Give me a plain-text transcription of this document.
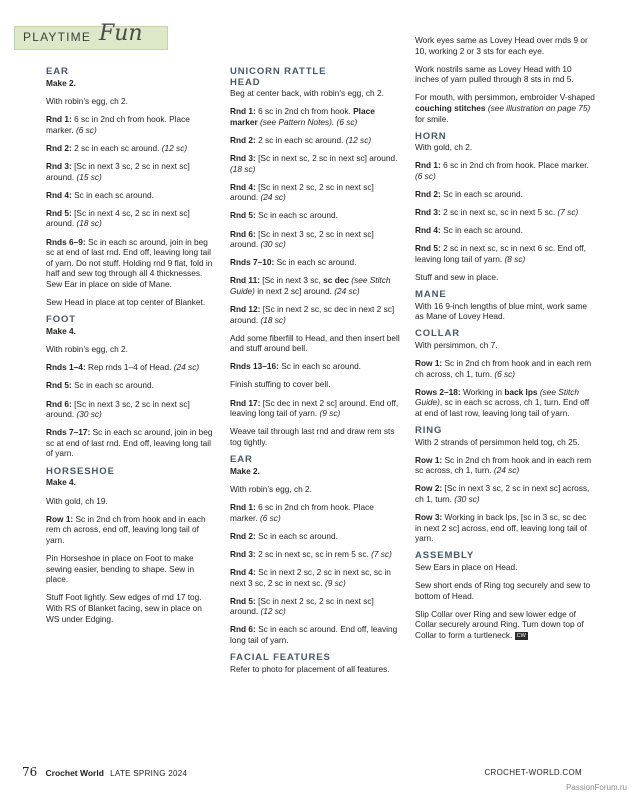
PLAYTIME Fun
EAR
Make 2.
With robin’s egg, ch 2.
Rnd 1: 6 sc in 2nd ch from hook. Place marker. (6 sc)
Rnd 2: 2 sc in each sc around. (12 sc)
Rnd 3: [Sc in next 3 sc, 2 sc in next sc] around. (15 sc)
Rnd 4: Sc in each sc around.
Rnd 5: [Sc in next 4 sc, 2 sc in next sc] around. (18 sc)
Rnds 6–9: Sc in each sc around, join in beg sc at end of last rnd. End off, leaving long tail of yarn. Do not stuff. Holding rnd 9 flat, fold in half and sew tog through all 4 thicknesses. Sew Ear in place on side of Mane.
Sew Head in place at top center of Blanket.
FOOT
Make 4.
With robin’s egg, ch 2.
Rnds 1–4: Rep rnds 1–4 of Head. (24 sc)
Rnd 5: Sc in each sc around.
Rnd 6: [Sc in next 3 sc, 2 sc in next sc] around. (30 sc)
Rnds 7–17: Sc in each sc around, join in beg sc at end of last rnd. End off, leaving long tail of yarn.
HORSESHOE
Make 4.
With gold, ch 19.
Row 1: Sc in 2nd ch from hook and in each rem ch across, end off, leaving long tail of yarn.
Pin Horseshoe in place on Foot to make sewing easier, bending to shape. Sew in place.
Stuff Foot lightly. Sew edges of rnd 17 tog. With RS of Blanket facing, sew in place on WS under Edging.
UNICORN RATTLE
HEAD
Beg at center back, with robin’s egg, ch 2.
Rnd 1: 6 sc in 2nd ch from hook. Place marker (see Pattern Notes). (6 sc)
Rnd 2: 2 sc in each sc around. (12 sc)
Rnd 3: [Sc in next sc, 2 sc in next sc] around. (18 sc)
Rnd 4: [Sc in next 2 sc, 2 sc in next sc] around. (24 sc)
Rnd 5: Sc in each sc around.
Rnd 6: [Sc in next 3 sc, 2 sc in next sc] around. (30 sc)
Rnds 7–10: Sc in each sc around.
Rnd 11: [Sc in next 3 sc, sc dec (see Stitch Guide) in next 2 sc] around. (24 sc)
Rnd 12: [Sc in next 2 sc, sc dec in next 2 sc] around. (18 sc)
Add some fiberfill to Head, and then insert bell and stuff around bell.
Rnds 13–16: Sc in each sc around.
Finish stuffing to cover bell.
Rnd 17: [Sc dec in next 2 sc] around. End off, leaving long tail of yarn. (9 sc)
Weave tail through last rnd and draw rem sts tog tightly.
EAR
Make 2.
With robin’s egg, ch 2.
Rnd 1: 6 sc in 2nd ch from hook. Place marker. (6 sc)
Rnd 2: Sc in each sc around.
Rnd 3: 2 sc in next sc, sc in rem 5 sc. (7 sc)
Rnd 4: Sc in next 2 sc, 2 sc in next sc, sc in next 3 sc, 2 sc in next sc. (9 sc)
Rnd 5: [Sc in next 2 sc, 2 sc in next sc] around. (12 sc)
Rnd 6: Sc in each sc around. End off, leaving long tail of yarn.
FACIAL FEATURES
Refer to photo for placement of all features.
Work eyes same as Lovey Head over rnds 9 or 10, working 2 or 3 sts for each eye.
Work nostrils same as Lovey Head with 10 inches of yarn pulled through 8 sts in rnd 5.
For mouth, with persimmon, embroider V-shaped couching stitches (see illustration on page 75) for smile.
HORN
With gold, ch 2.
Rnd 1: 6 sc in 2nd ch from hook. Place marker. (6 sc)
Rnd 2: Sc in each sc around.
Rnd 3: 2 sc in next sc, sc in next 5 sc. (7 sc)
Rnd 4: Sc in each sc around.
Rnd 5: 2 sc in next sc, sc in next 6 sc. End off, leaving long tail of yarn. (8 sc)
Stuff and sew in place.
MANE
With 16 9-inch lengths of blue mint, work same as Mane of Lovey Head.
COLLAR
With persimmon, ch 7.
Row 1: Sc in 2nd ch from hook and in each rem ch across, ch 1, turn. (6 sc)
Rows 2–18: Working in back lps (see Stitch Guide), sc in each sc across, ch 1, turn. End off at end of last row, leaving long tail of yarn.
RING
With 2 strands of persimmon held tog, ch 25.
Row 1: Sc in 2nd ch from hook and in each rem sc across, ch 1, turn. (24 sc)
Row 2: [Sc in next 3 sc, 2 sc in next sc] across, ch 1, turn. (30 sc)
Row 3: Working in back lps, [sc in 3 sc, sc dec in next 2 sc] across, end off, leaving long tail of yarn.
ASSEMBLY
Sew Ears in place on Head.
Sew short ends of Ring tog securely and sew to bottom of Head.
Slip Collar over Ring and sew lower edge of Collar securely around Ring. Turn down top of Collar to form a turtleneck. CW
76 Crochet World LATE SPRING 2024	CROCHET-WORLD.COM
PassionForum.ru
